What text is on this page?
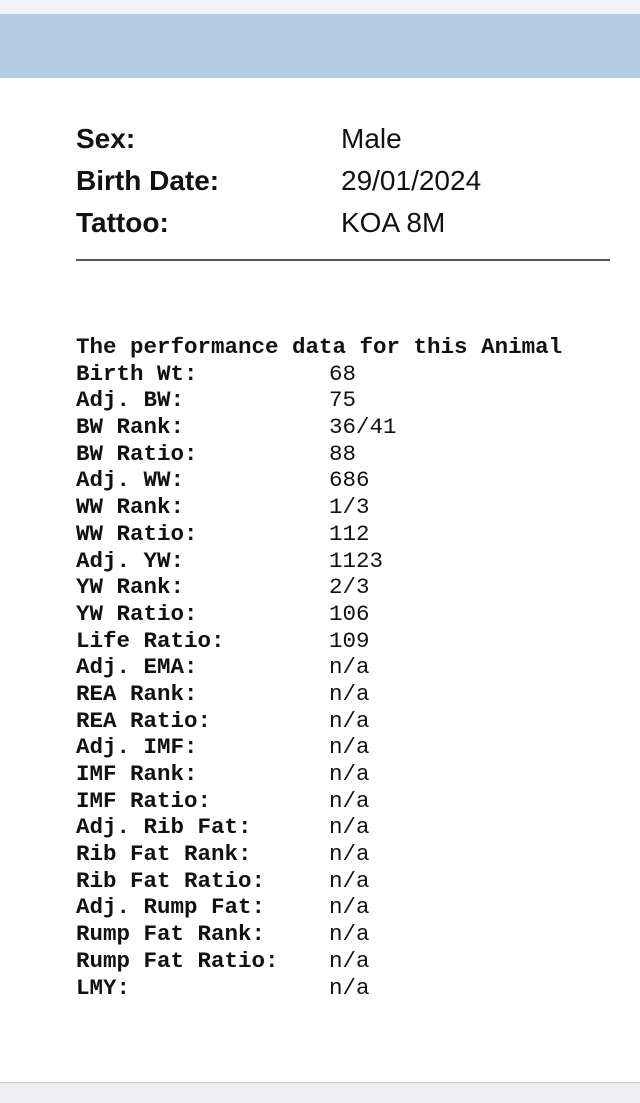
Sex:	Male
Birth Date:	29/01/2024
Tattoo:	KOA 8M
The performance data for this Animal
Birth Wt:	68
Adj. BW:	75
BW Rank:	36/41
BW Ratio:	88
Adj. WW:	686
WW Rank:	1/3
WW Ratio:	112
Adj. YW:	1123
YW Rank:	2/3
YW Ratio:	106
Life Ratio:	109
Adj. EMA:	n/a
REA Rank:	n/a
REA Ratio:	n/a
Adj. IMF:	n/a
IMF Rank:	n/a
IMF Ratio:	n/a
Adj. Rib Fat:	n/a
Rib Fat Rank:	n/a
Rib Fat Ratio:	n/a
Adj. Rump Fat:	n/a
Rump Fat Rank:	n/a
Rump Fat Ratio:	n/a
LMY:	n/a
